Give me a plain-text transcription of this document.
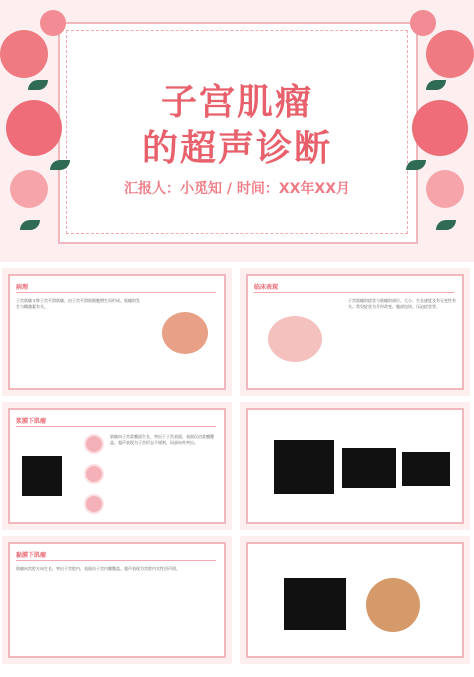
子宫肌瘤
的超声诊断
汇报人：小觅知 / 时间：XX年XX月
病理
子宫肌瘤又称子宫平滑肌瘤，由子宫平滑肌细胞增生而形成。肌瘤的发生与雌激素有关。
临床表现
子宫肌瘤的症状与肌瘤的部位、大小、生长速度及有无变性有关。常见症状为月经改变、腹部包块、压迫症状等。
浆膜下肌瘤
肌瘤向子宫浆膜面生长，突出于子宫表面，表面仅由浆膜覆盖。超声表现为子宫形态不规则，局部向外突出。
黏膜下肌瘤
肌瘤向宫腔方向生长，突出于宫腔内，表面由子宫内膜覆盖。超声表现为宫腔内实性回声团。
